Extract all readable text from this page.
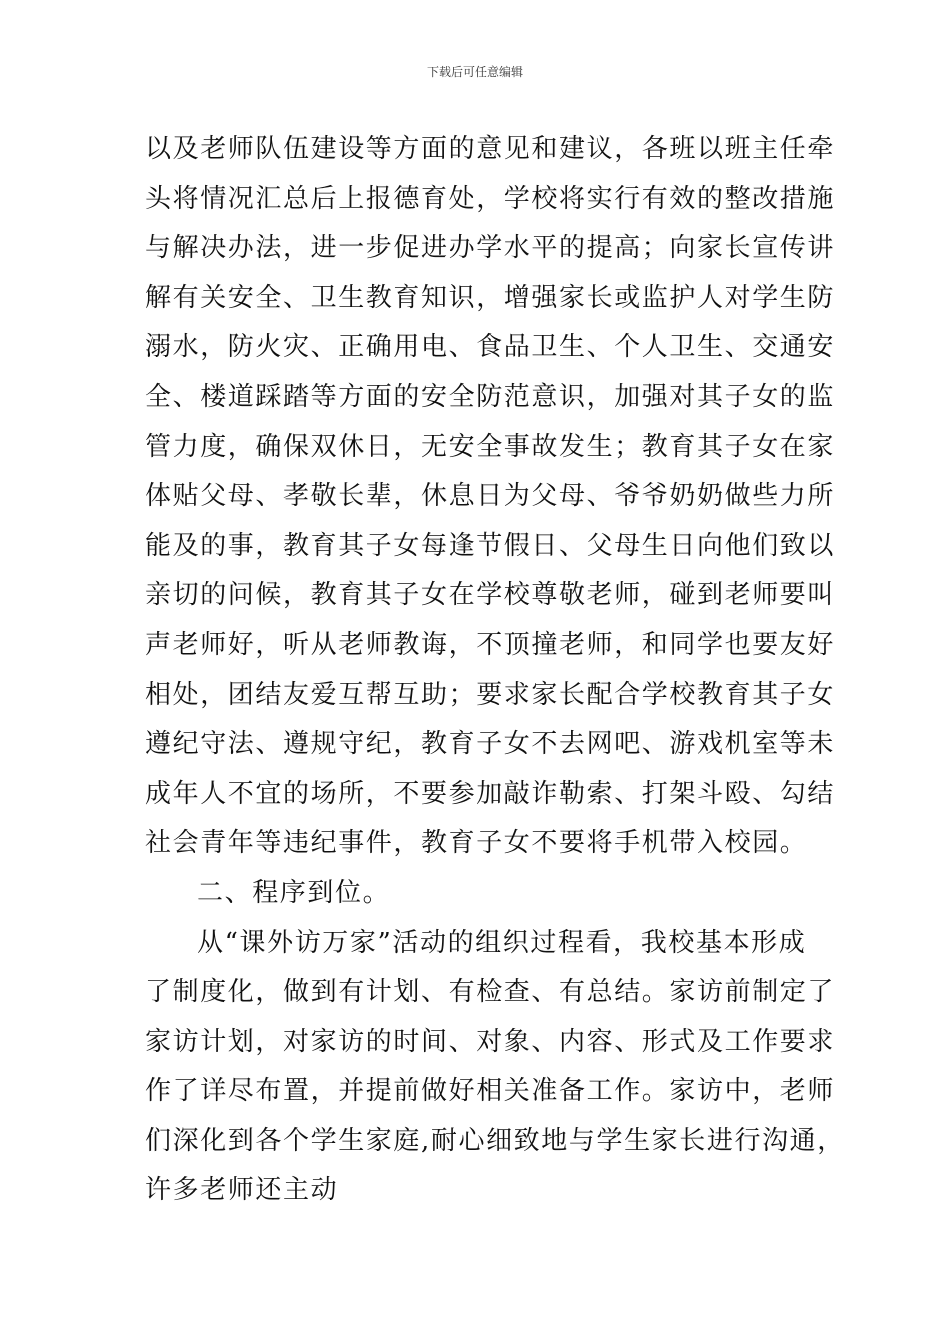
下载后可任意编辑
以及老师队伍建设等方面的意见和建议，各班以班主任牵
头将情况汇总后上报德育处，学校将实行有效的整改措施
与解决办法，进一步促进办学水平的提高；向家长宣传讲
解有关安全、卫生教育知识，增强家长或监护人对学生防
溺水，防火灾、正确用电、食品卫生、个人卫生、交通安
全、楼道踩踏等方面的安全防范意识，加强对其子女的监
管力度，确保双休日，无安全事故发生；教育其子女在家
体贴父母、孝敬长辈，休息日为父母、爷爷奶奶做些力所
能及的事，教育其子女每逢节假日、父母生日向他们致以
亲切的问候，教育其子女在学校尊敬老师，碰到老师要叫
声老师好，听从老师教诲，不顶撞老师，和同学也要友好
相处，团结友爱互帮互助；要求家长配合学校教育其子女
遵纪守法、遵规守纪，教育子女不去网吧、游戏机室等未
成年人不宜的场所，不要参加敲诈勒索、打架斗殴、勾结
社会青年等违纪事件，教育子女不要将手机带入校园。
二、程序到位。
从“课外访万家”活动的组织过程看，我校基本形成
了制度化，做到有计划、有检查、有总结。家访前制定了
家访计划，对家访的时间、对象、内容、形式及工作要求
作了详尽布置，并提前做好相关准备工作。家访中，老师
们深化到各个学生家庭,耐心细致地与学生家长进行沟通，
许多老师还主动
